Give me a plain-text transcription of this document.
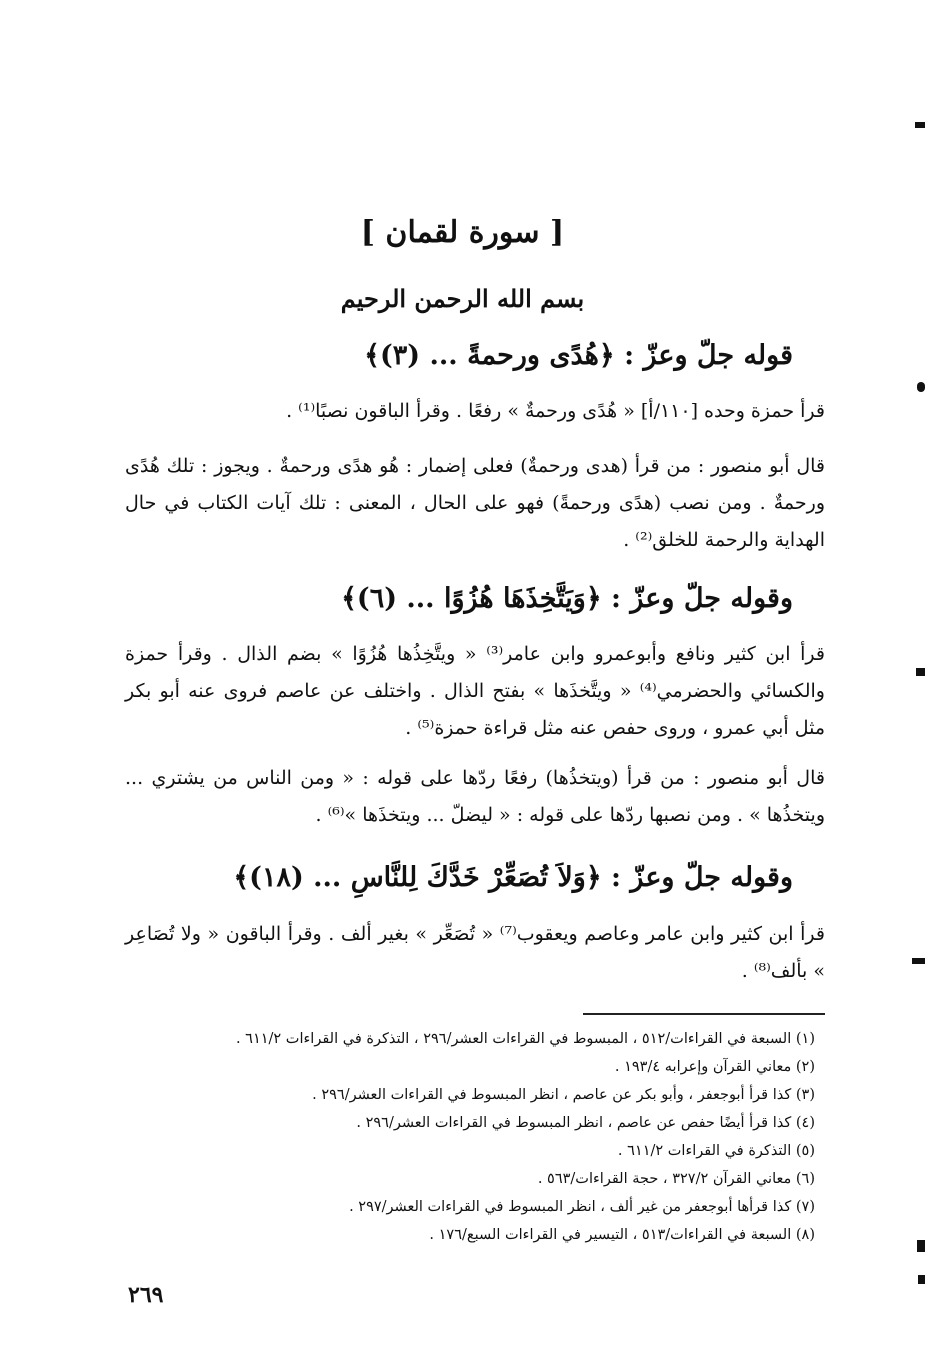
[ سورة لقمان ]
بسم الله الرحمن الرحيم
قوله جلّ وعزّ : ﴿هُدًى ورحمةً ... (٣)﴾
قرأ حمزة وحده [١١٠/أ] « هُدًى ورحمةٌ » رفعًا . وقرأ الباقون نصبًا⁽¹⁾ .
قال أبو منصور : من قرأ (هدى ورحمةٌ) فعلى إضمار : هُو هدًى ورحمةٌ . ويجوز : تلك هُدًى ورحمةٌ . ومن نصب (هدًى ورحمةً) فهو على الحال ، المعنى : تلك آيات الكتاب في حال الهداية والرحمة للخلق⁽²⁾ .
وقوله جلّ وعزّ : ﴿وَيَتَّخِذَهَا هُزُوًا ... (٦)﴾
قرأ ابن كثير ونافع وأبوعمرو وابن عامر⁽³⁾ « ويتَّخِذُها هُزُوًا » بضم الذال . وقرأ حمزة والكسائي والحضرمي⁽⁴⁾ « ويتَّخذَها » بفتح الذال . واختلف عن عاصم فروى عنه أبو بكر مثل أبي عمرو ، وروى حفص عنه مثل قراءة حمزة⁽⁵⁾ .
قال أبو منصور : من قرأ (ويتخذُها) رفعًا ردّها على قوله : « ومن الناس من يشتري ... ويتخذُها » . ومن نصبها ردّها على قوله : « ليضلّ ... ويتخذَها »⁽⁶⁾ .
وقوله جلّ وعزّ : ﴿وَلاَ تُصَعِّرْ خَدَّكَ لِلنَّاسِ ... (١٨)﴾
قرأ ابن كثير وابن عامر وعاصم ويعقوب⁽⁷⁾ « تُصَعِّر » بغير ألف . وقرأ الباقون « ولا تُصَاعِر » بألف⁽⁸⁾ .
(١) السبعة في القراءات/٥١٢ ، المبسوط في القراءات العشر/٢٩٦ ، التذكرة في القراءات ٦١١/٢ .
(٢) معاني القرآن وإعرابه ١٩٣/٤ .
(٣) كذا قرأ أبوجعفر ، وأبو بكر عن عاصم ، انظر المبسوط في القراءات العشر/٢٩٦ .
(٤) كذا قرأ أيضًا حفص عن عاصم ، انظر المبسوط في القراءات العشر/٢٩٦ .
(٥) التذكرة في القراءات ٦١١/٢ .
(٦) معاني القرآن ٣٢٧/٢ ، حجة القراءات/٥٦٣ .
(٧) كذا قرأها أبوجعفر من غير ألف ، انظر المبسوط في القراءات العشر/٢٩٧ .
(٨) السبعة في القراءات/٥١٣ ، التيسير في القراءات السبع/١٧٦ .
٢٦٩
